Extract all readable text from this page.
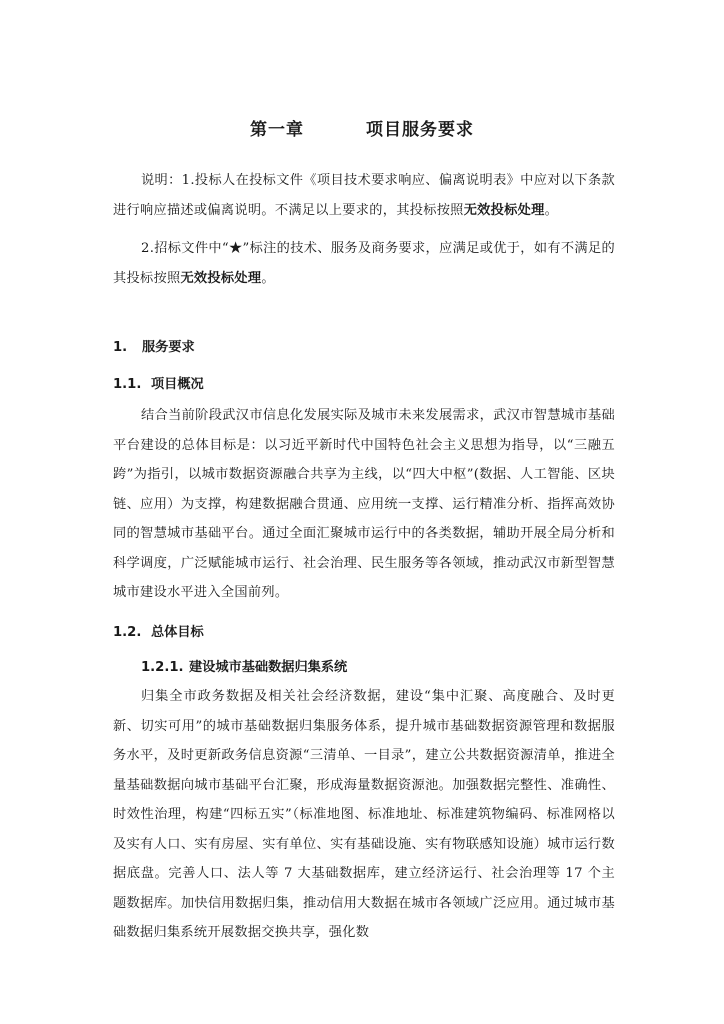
第一章	项目服务要求

说明：1.投标人在投标文件《项目技术要求响应、偏离说明表》中应对以下条款进行响应描述或偏离说明。不满足以上要求的，其投标按照无效投标处理。

2.招标文件中“★”标注的技术、服务及商务要求，应满足或优于，如有不满足的其投标按照无效投标处理。

1. 服务要求
1.1. 项目概况

结合当前阶段武汉市信息化发展实际及城市未来发展需求，武汉市智慧城市基础平台建设的总体目标是：以习近平新时代中国特色社会主义思想为指导，以“三融五跨”为指引，以城市数据资源融合共享为主线，以“四大中枢”(数据、人工智能、区块链、应用）为支撑，构建数据融合贯通、应用统一支撑、运行精准分析、指挥高效协同的智慧城市基础平台。通过全面汇聚城市运行中的各类数据，辅助开展全局分析和科学调度，广泛赋能城市运行、社会治理、民生服务等各领域，推动武汉市新型智慧城市建设水平进入全国前列。

1.2. 总体目标
1.2.1. 建设城市基础数据归集系统

归集全市政务数据及相关社会经济数据，建设“集中汇聚、高度融合、及时更新、切实可用”的城市基础数据归集服务体系，提升城市基础数据资源管理和数据服务水平，及时更新政务信息资源“三清单、一目录”，建立公共数据资源清单，推进全量基础数据向城市基础平台汇聚，形成海量数据资源池。加强数据完整性、准确性、时效性治理，构建“四标五实”（标准地图、标准地址、标准建筑物编码、标准网格以及实有人口、实有房屋、实有单位、实有基础设施、实有物联感知设施）城市运行数据底盘。完善人口、法人等 7 大基础数据库，建立经济运行、社会治理等 17 个主题数据库。加快信用数据归集，推动信用大数据在城市各领域广泛应用。通过城市基础数据归集系统开展数据交换共享，强化数
